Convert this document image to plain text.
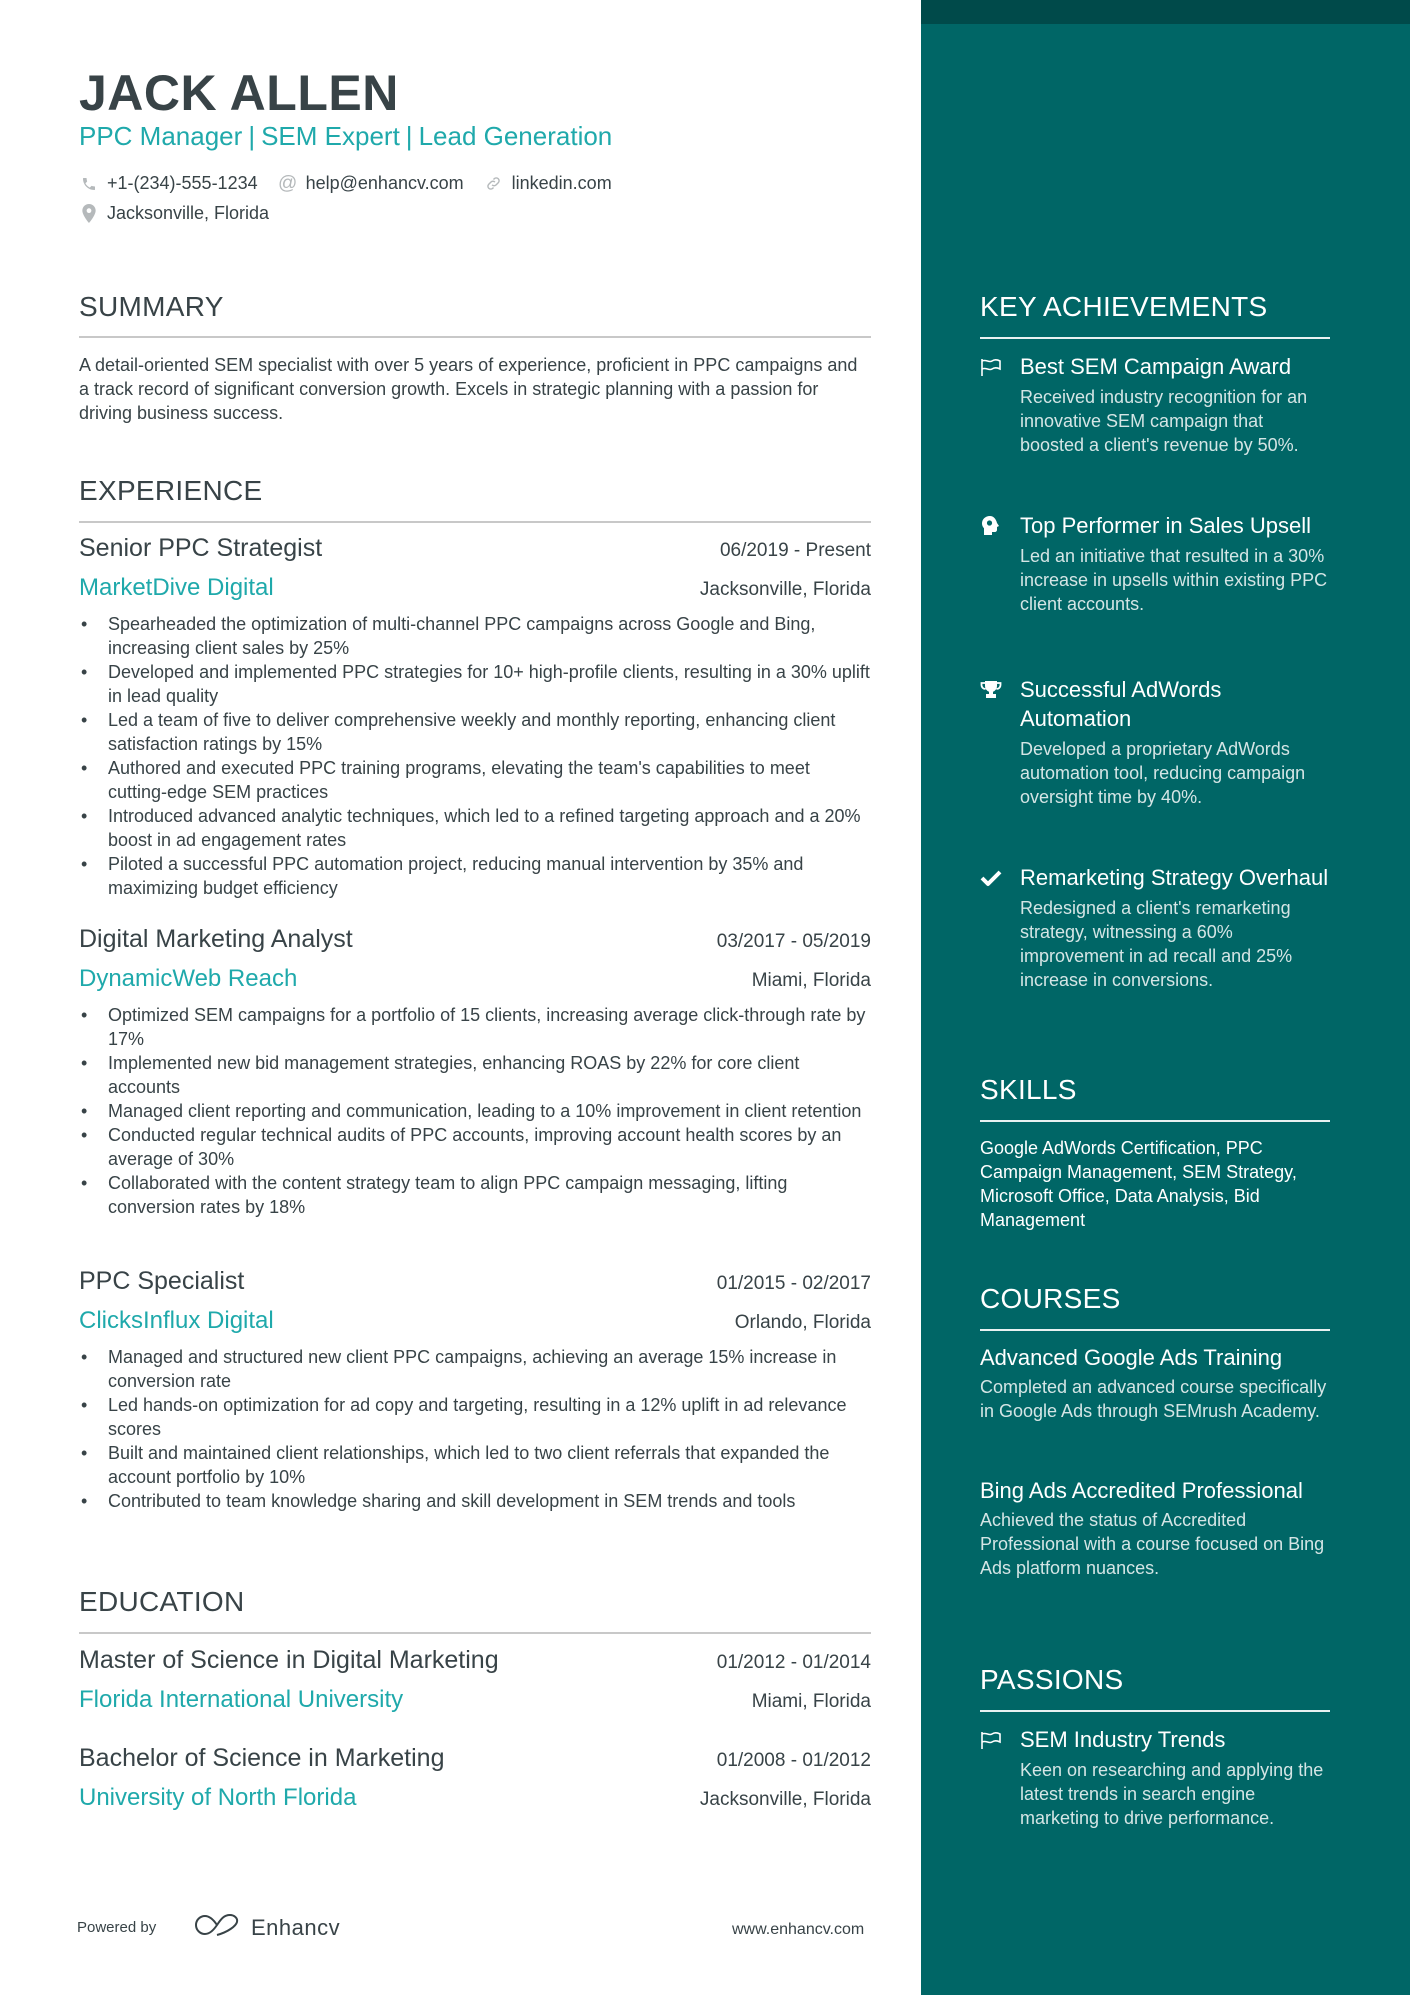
JACK ALLEN
PPC Manager | SEM Expert | Lead Generation
+1-(234)-555-1234 @ help@enhancv.com	linkedin.com
Jacksonville, Florida
SUMMARY
A detail-oriented SEM specialist with over 5 years of experience, proficient in PPC campaigns and a track record of significant conversion growth. Excels in strategic planning with a passion for driving business success.
EXPERIENCE
Senior PPC Strategist	06/2019 - Present
MarketDive Digital	Jacksonville, Florida
• Spearheaded the optimization of multi-channel PPC campaigns across Google and Bing, increasing client sales by 25%
• Developed and implemented PPC strategies for 10+ high-profile clients, resulting in a 30% uplift in lead quality
• Led a team of five to deliver comprehensive weekly and monthly reporting, enhancing client satisfaction ratings by 15%
• Authored and executed PPC training programs, elevating the team's capabilities to meet cutting-edge SEM practices
• Introduced advanced analytic techniques, which led to a refined targeting approach and a 20% boost in ad engagement rates
• Piloted a successful PPC automation project, reducing manual intervention by 35% and maximizing budget efficiency
Digital Marketing Analyst	03/2017 - 05/2019
DynamicWeb Reach	Miami, Florida
• Optimized SEM campaigns for a portfolio of 15 clients, increasing average click-through rate by 17%
• Implemented new bid management strategies, enhancing ROAS by 22% for core client accounts
• Managed client reporting and communication, leading to a 10% improvement in client retention
• Conducted regular technical audits of PPC accounts, improving account health scores by an average of 30%
• Collaborated with the content strategy team to align PPC campaign messaging, lifting conversion rates by 18%
PPC Specialist	01/2015 - 02/2017
ClicksInflux Digital	Orlando, Florida
• Managed and structured new client PPC campaigns, achieving an average 15% increase in conversion rate
• Led hands-on optimization for ad copy and targeting, resulting in a 12% uplift in ad relevance scores
• Built and maintained client relationships, which led to two client referrals that expanded the account portfolio by 10%
• Contributed to team knowledge sharing and skill development in SEM trends and tools
EDUCATION
Master of Science in Digital Marketing	01/2012 - 01/2014
Florida International University	Miami, Florida
Bachelor of Science in Marketing	01/2008 - 01/2012
University of North Florida	Jacksonville, Florida
Powered by	Enhancv	www.enhancv.com
KEY ACHIEVEMENTS
Best SEM Campaign Award
Received industry recognition for an innovative SEM campaign that boosted a client's revenue by 50%.
Top Performer in Sales Upsell
Led an initiative that resulted in a 30% increase in upsells within existing PPC client accounts.
Successful AdWords Automation
Developed a proprietary AdWords automation tool, reducing campaign oversight time by 40%.
Remarketing Strategy Overhaul
Redesigned a client's remarketing strategy, witnessing a 60% improvement in ad recall and 25% increase in conversions.
SKILLS
Google AdWords Certification, PPC Campaign Management, SEM Strategy, Microsoft Office, Data Analysis, Bid Management
COURSES
Advanced Google Ads Training
Completed an advanced course specifically in Google Ads through SEMrush Academy.
Bing Ads Accredited Professional
Achieved the status of Accredited Professional with a course focused on Bing Ads platform nuances.
PASSIONS
SEM Industry Trends
Keen on researching and applying the latest trends in search engine marketing to drive performance.
